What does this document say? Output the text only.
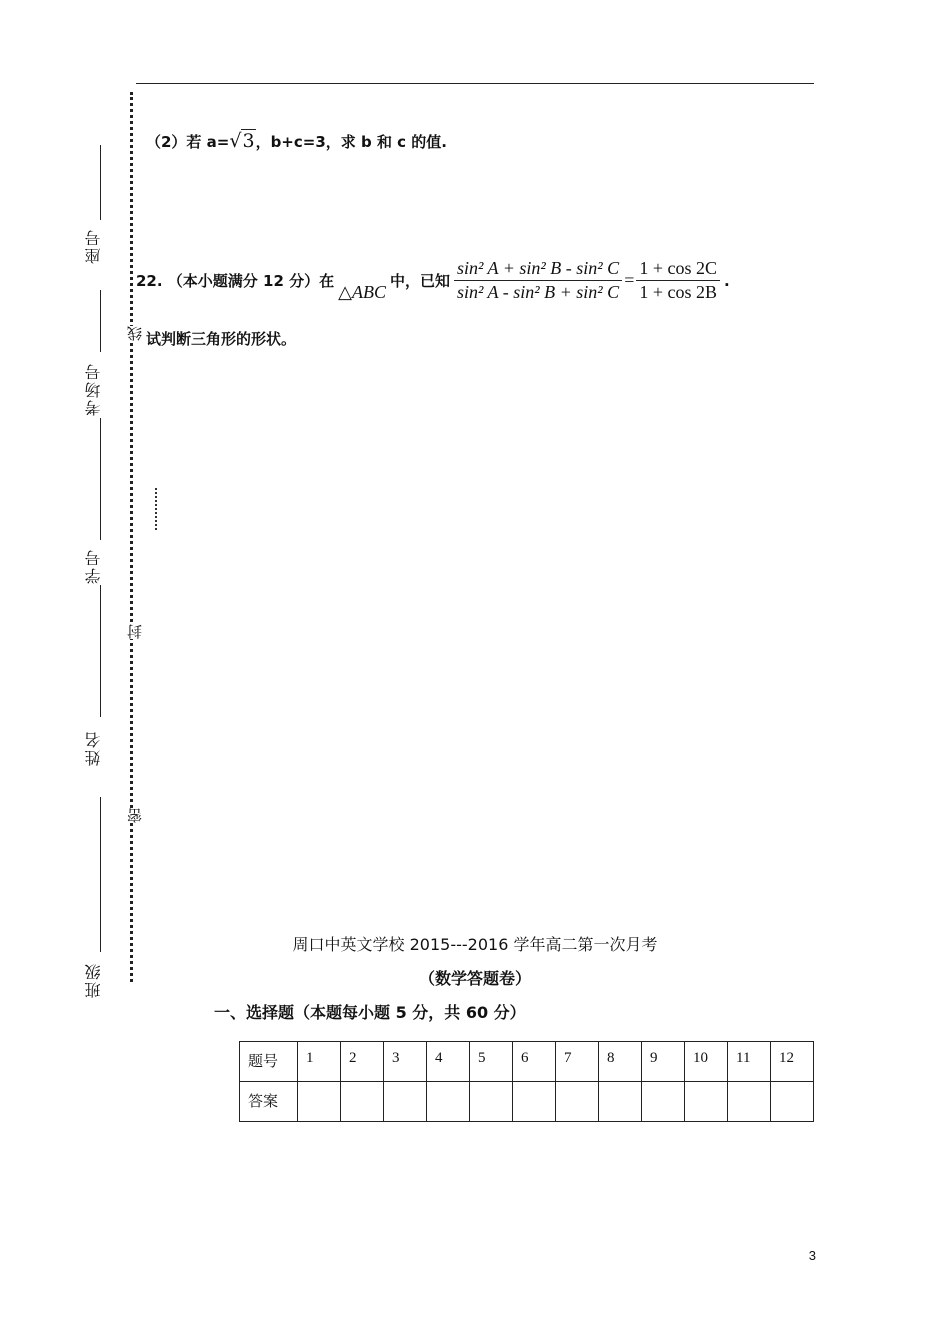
座号
考场号
学号
姓名
班级
线
封
密
（2）若 a=√3，b+c=3，求 b 和 c 的值.
22. （本小题满分 12 分）在
△ABC
中，已知 $\frac{\text{sin² A + sin² B - sin² C}}{\text{sin² A - sin² B + sin² C}} = \frac{1 + \cos 2C}{1 + \cos 2B}$ .
试判断三角形的形状。
周口中英文学校 2015---2016 学年高二第一次月考
（数学答题卷）
一、选择题（本题每小题 5 分，共 60 分）
题号	1	2	3	4	5	6	7	8	9	10	11	12
答案												
3
